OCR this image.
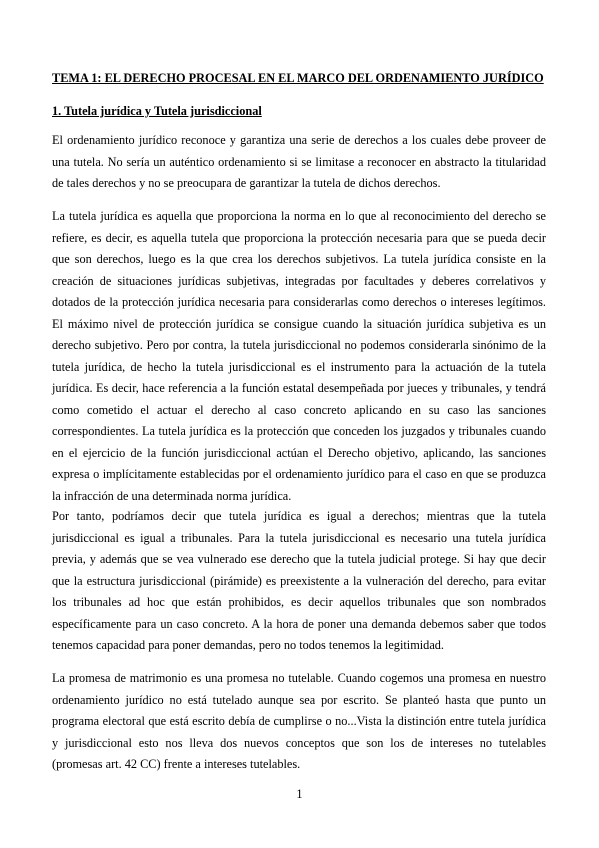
TEMA 1: EL DERECHO PROCESAL EN EL MARCO DEL ORDENAMIENTO JURÍDICO
1. Tutela jurídica y Tutela jurisdiccional

El ordenamiento jurídico reconoce y garantiza una serie de derechos a los cuales debe proveer de una tutela. No sería un auténtico ordenamiento si se limitase a reconocer en abstracto la titularidad de tales derechos y no se preocupara de garantizar la tutela de dichos derechos.

La tutela jurídica es aquella que proporciona la norma en lo que al reconocimiento del derecho se refiere, es decir, es aquella tutela que proporciona la protección necesaria para que se pueda decir que son derechos, luego es la que crea los derechos subjetivos. La tutela jurídica consiste en la creación de situaciones jurídicas subjetivas, integradas por facultades y deberes correlativos y dotados de la protección jurídica necesaria para considerarlas como derechos o intereses legítimos. El máximo nivel de protección jurídica se consigue cuando la situación jurídica subjetiva es un derecho subjetivo. Pero por contra, la tutela jurisdiccional no podemos considerarla sinónimo de la tutela jurídica, de hecho la tutela jurisdiccional es el instrumento para la actuación de la tutela jurídica. Es decir, hace referencia a la función estatal desempeñada por jueces y tribunales, y tendrá como cometido el actuar el derecho al caso concreto aplicando en su caso las sanciones correspondientes. La tutela jurídica es la protección que conceden los juzgados y tribunales cuando en el ejercicio de la función jurisdiccional actúan el Derecho objetivo, aplicando, las sanciones expresa o implícitamente establecidas por el ordenamiento jurídico para el caso en que se produzca la infracción de una determinada norma jurídica.

Por tanto, podríamos decir que tutela jurídica es igual a derechos; mientras que la tutela jurisdiccional es igual a tribunales. Para la tutela jurisdiccional es necesario una tutela jurídica previa, y además que se vea vulnerado ese derecho que la tutela judicial protege. Si hay que decir que la estructura jurisdiccional (pirámide) es preexistente a la vulneración del derecho, para evitar los tribunales ad hoc que están prohibidos, es decir aquellos tribunales que son nombrados específicamente para un caso concreto. A la hora de poner una demanda debemos saber que todos tenemos capacidad para poner demandas, pero no todos tenemos la legitimidad.

La promesa de matrimonio es una promesa no tutelable. Cuando cogemos una promesa en nuestro ordenamiento jurídico no está tutelado aunque sea por escrito. Se planteó hasta que punto un programa electoral que está escrito debía de cumplirse o no...Vista la distinción entre tutela jurídica y jurisdiccional esto nos lleva dos nuevos conceptos que son los de intereses no tutelables (promesas art. 42 CC) frente a intereses tutelables.

1
